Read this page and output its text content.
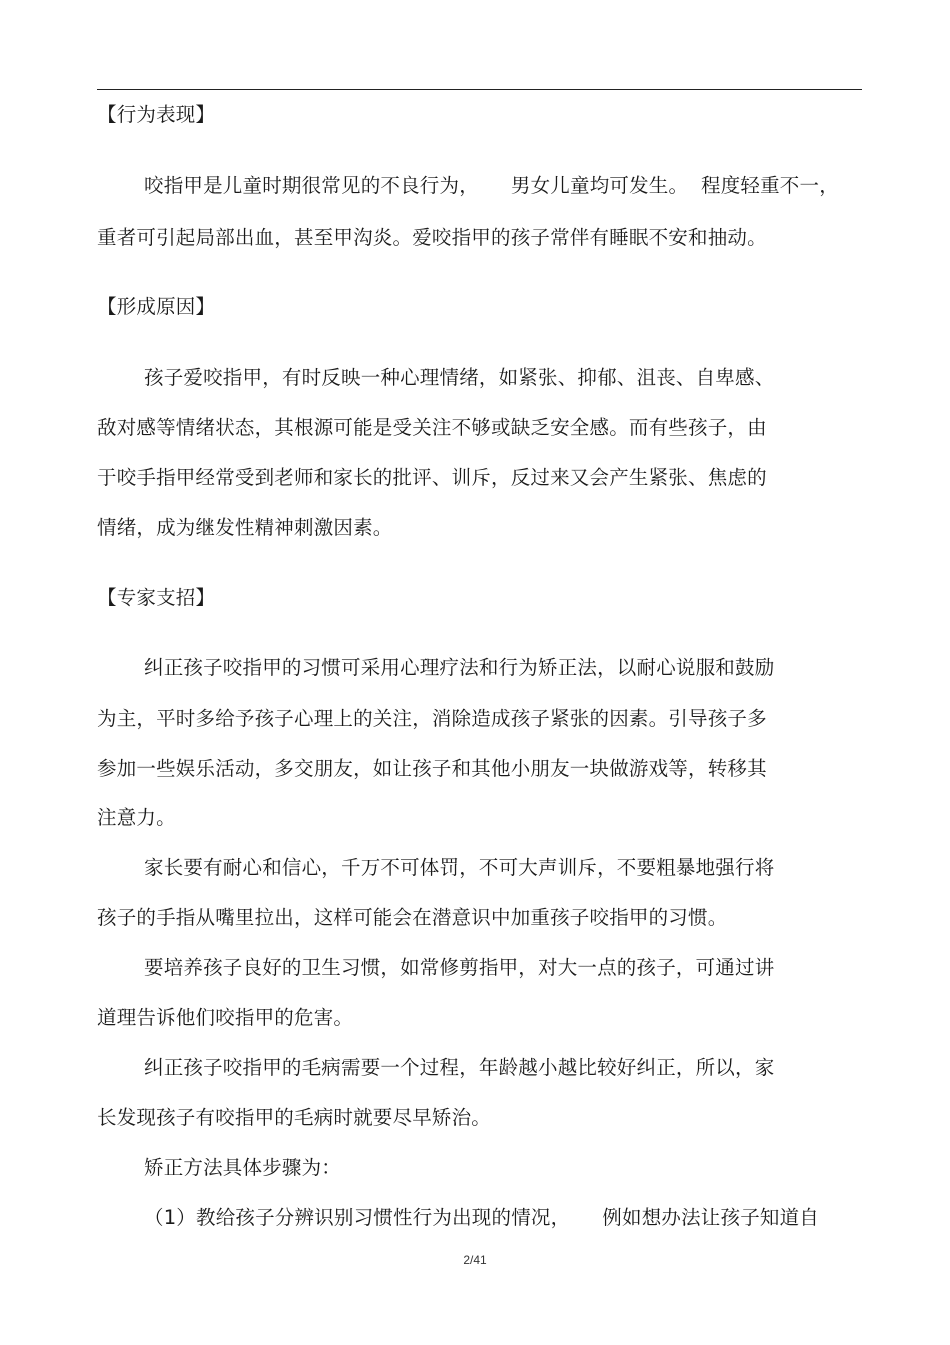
【行为表现】
咬指甲是儿童时期很常见的不良行为，     男女儿童均可发生。  程度轻重不一，
重者可引起局部出血，甚至甲沟炎。爱咬指甲的孩子常伴有睡眠不安和抽动。
【形成原因】
孩子爱咬指甲，有时反映一种心理情绪，如紧张、抑郁、沮丧、自卑感、
敌对感等情绪状态，其根源可能是受关注不够或缺乏安全感。而有些孩子，由
于咬手指甲经常受到老师和家长的批评、训斥，反过来又会产生紧张、焦虑的
情绪，成为继发性精神刺激因素。
【专家支招】
纠正孩子咬指甲的习惯可采用心理疗法和行为矫正法，以耐心说服和鼓励
为主，平时多给予孩子心理上的关注，消除造成孩子紧张的因素。引导孩子多
参加一些娱乐活动，多交朋友，如让孩子和其他小朋友一块做游戏等，转移其
注意力。
家长要有耐心和信心，千万不可体罚，不可大声训斥，不要粗暴地强行将
孩子的手指从嘴里拉出，这样可能会在潜意识中加重孩子咬指甲的习惯。
要培养孩子良好的卫生习惯，如常修剪指甲，对大一点的孩子，可通过讲
道理告诉他们咬指甲的危害。
纠正孩子咬指甲的毛病需要一个过程，年龄越小越比较好纠正，所以，家
长发现孩子有咬指甲的毛病时就要尽早矫治。
矫正方法具体步骤为：
（1）教给孩子分辨识别习惯性行为出现的情况，     例如想办法让孩子知道自
2/41
